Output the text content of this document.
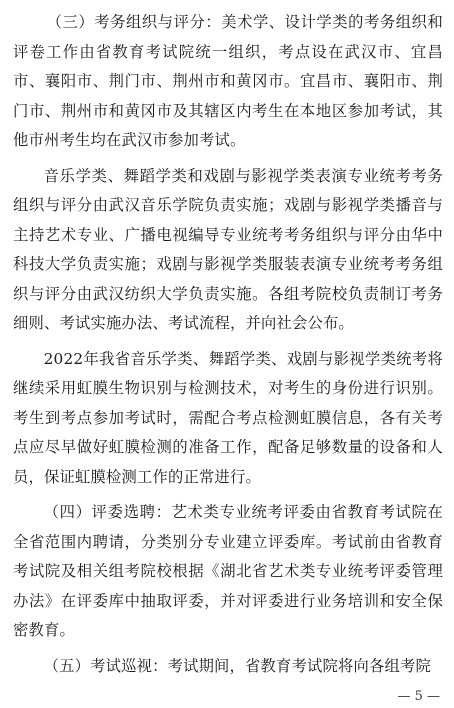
（三）考务组织与评分：美术学、设计学类的考务组织和评卷工作由省教育考试院统一组织，考点设在武汉市、宜昌市、襄阳市、荆门市、荆州市和黄冈市。宜昌市、襄阳市、荆门市、荆州市和黄冈市及其辖区内考生在本地区参加考试，其他市州考生均在武汉市参加考试。

音乐学类、舞蹈学类和戏剧与影视学类表演专业统考考务组织与评分由武汉音乐学院负责实施；戏剧与影视学类播音与主持艺术专业、广播电视编导专业统考考务组织与评分由华中科技大学负责实施；戏剧与影视学类服装表演专业统考考务组织与评分由武汉纺织大学负责实施。各组考院校负责制订考务细则、考试实施办法、考试流程，并向社会公布。

2022年我省音乐学类、舞蹈学类、戏剧与影视学类统考将继续采用虹膜生物识别与检测技术，对考生的身份进行识别。考生到考点参加考试时，需配合考点检测虹膜信息，各有关考点应尽早做好虹膜检测的准备工作，配备足够数量的设备和人员，保证虹膜检测工作的正常进行。

（四）评委选聘：艺术类专业统考评委由省教育考试院在全省范围内聘请，分类别分专业建立评委库。考试前由省教育考试院及相关组考院校根据《湖北省艺术类专业统考评委管理办法》在评委库中抽取评委，并对评委进行业务培训和安全保密教育。

（五）考试巡视：考试期间，省教育考试院将向各组考院

— 5 —
